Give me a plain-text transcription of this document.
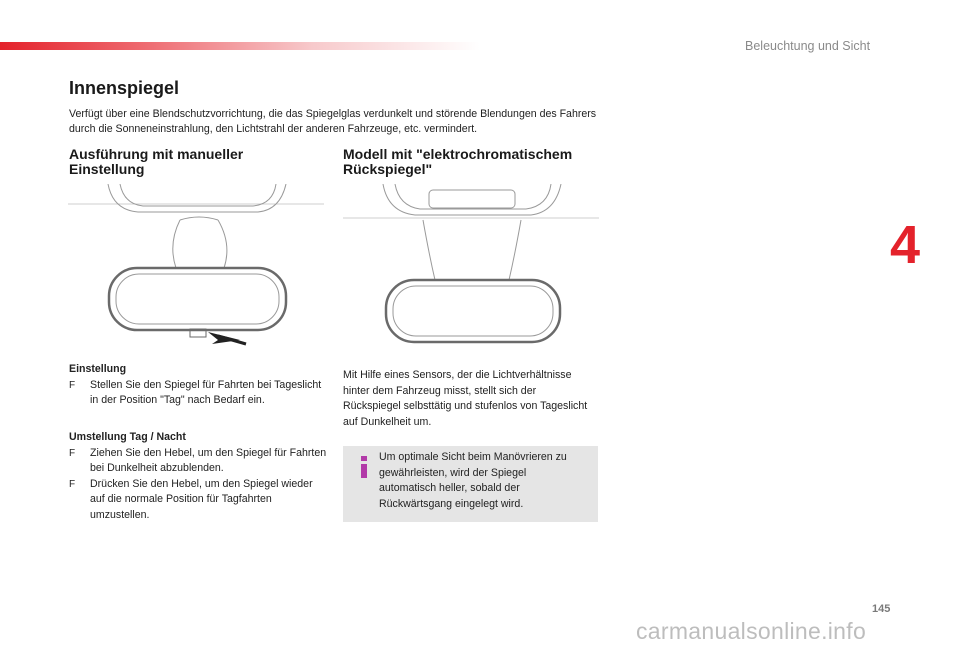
Beleuchtung und Sicht
4
Innenspiegel

Verfügt über eine Blendschutzvorrichtung, die das Spiegelglas verdunkelt und störende Blendungen des Fahrers durch die Sonneneinstrahlung, den Lichtstrahl der anderen Fahrzeuge, etc. vermindert.

Ausführung mit manueller
Einstellung
Modell mit "elektrochromatischem
Rückspiegel"

Einstellung

F Stellen Sie den Spiegel für Fahrten bei Tageslicht in der Position "Tag" nach Bedarf ein.

Umstellung Tag / Nacht

F Ziehen Sie den Hebel, um den Spiegel für Fahrten bei Dunkelheit abzublenden.

F Drücken Sie den Hebel, um den Spiegel wieder auf die normale Position für Tagfahrten umzustellen.

Mit Hilfe eines Sensors, der die Lichtverhältnisse hinter dem Fahrzeug misst, stellt sich der Rückspiegel selbsttätig und stufenlos von Tageslicht auf Dunkelheit um.

Um optimale Sicht beim Manövrieren zu gewährleisten, wird der Spiegel automatisch heller, sobald der Rückwärtsgang eingelegt wird.

145
carmanualsonline.info
